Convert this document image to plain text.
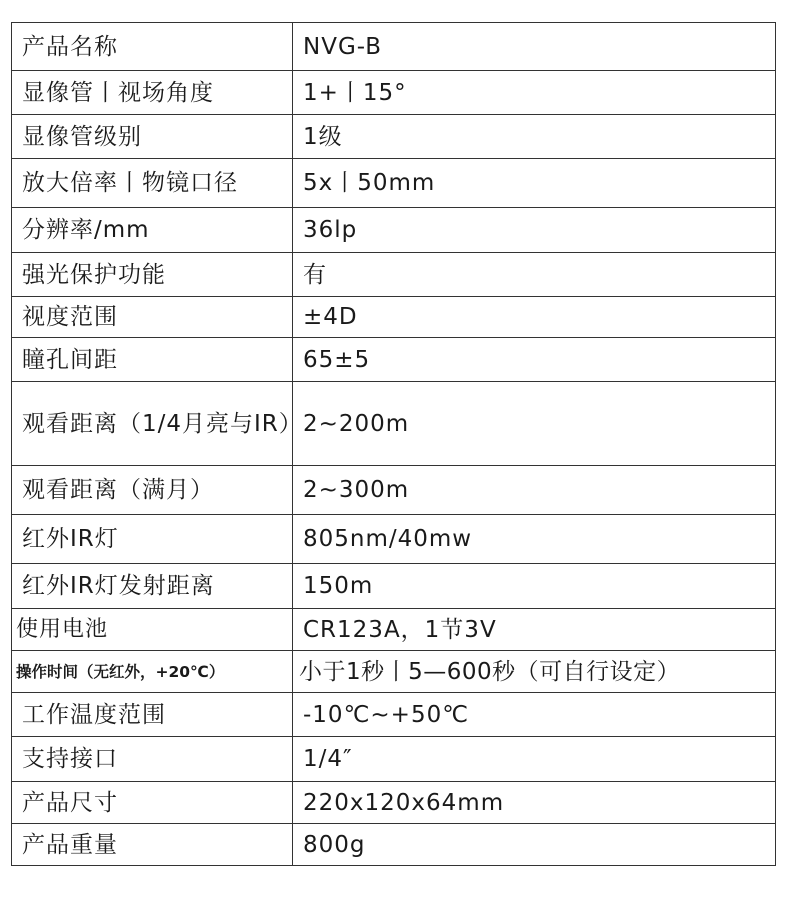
产品名称	NVG-B
显像管丨视场角度	1+丨15°
显像管级别	1级
放大倍率丨物镜口径	5x丨50mm
分辨率/mm	36lp
强光保护功能	有
视度范围	±4D
瞳孔间距	65±5
观看距离（1/4月亮与IR）	2~200m
观看距离（满月）	2~300m
红外IR灯	805nm/40mw
红外IR灯发射距离	150m
使用电池	CR123A，1节3V
操作时间（无红外，+20℃）	小于1秒丨5—600秒（可自行设定）
工作温度范围	-10℃~+50℃
支持接口	1/4″
产品尺寸	220x120x64mm
产品重量	800g
